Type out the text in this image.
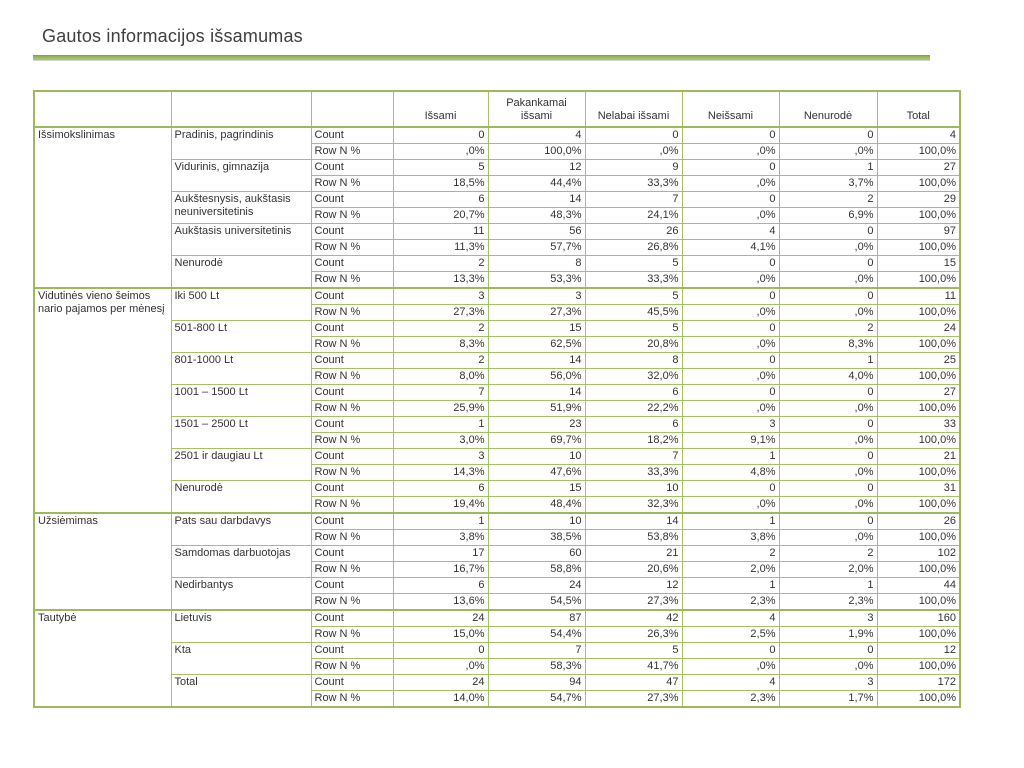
Gautos informacijos išsamumas
			Išsami	Pakankamai išsami	Nelabai išsami	Neišsami	Nenurodė	Total
Išsimokslinimas	Pradinis, pagrindinis	Count	0	4	0	0	0	4
		Row N %	,0%	100,0%	,0%	,0%	,0%	100,0%
	Vidurinis, gimnazija	Count	5	12	9	0	1	27
		Row N %	18,5%	44,4%	33,3%	,0%	3,7%	100,0%
	Aukštesnysis, aukštasis neuniversitetinis	Count	6	14	7	0	2	29
		Row N %	20,7%	48,3%	24,1%	,0%	6,9%	100,0%
	Aukštasis universitetinis	Count	11	56	26	4	0	97
		Row N %	11,3%	57,7%	26,8%	4,1%	,0%	100,0%
	Nenurodė	Count	2	8	5	0	0	15
		Row N %	13,3%	53,3%	33,3%	,0%	,0%	100,0%
Vidutinės vieno šeimos nario pajamos per mėnesį	Iki 500 Lt	Count	3	3	5	0	0	11
		Row N %	27,3%	27,3%	45,5%	,0%	,0%	100,0%
	501-800 Lt	Count	2	15	5	0	2	24
		Row N %	8,3%	62,5%	20,8%	,0%	8,3%	100,0%
	801-1000 Lt	Count	2	14	8	0	1	25
		Row N %	8,0%	56,0%	32,0%	,0%	4,0%	100,0%
	1001 – 1500 Lt	Count	7	14	6	0	0	27
		Row N %	25,9%	51,9%	22,2%	,0%	,0%	100,0%
	1501 – 2500 Lt	Count	1	23	6	3	0	33
		Row N %	3,0%	69,7%	18,2%	9,1%	,0%	100,0%
	2501 ir daugiau Lt	Count	3	10	7	1	0	21
		Row N %	14,3%	47,6%	33,3%	4,8%	,0%	100,0%
	Nenurodė	Count	6	15	10	0	0	31
		Row N %	19,4%	48,4%	32,3%	,0%	,0%	100,0%
Užsiėmimas	Pats sau darbdavys	Count	1	10	14	1	0	26
		Row N %	3,8%	38,5%	53,8%	3,8%	,0%	100,0%
	Samdomas darbuotojas	Count	17	60	21	2	2	102
		Row N %	16,7%	58,8%	20,6%	2,0%	2,0%	100,0%
	Nedirbantys	Count	6	24	12	1	1	44
		Row N %	13,6%	54,5%	27,3%	2,3%	2,3%	100,0%
Tautybė	Lietuvis	Count	24	87	42	4	3	160
		Row N %	15,0%	54,4%	26,3%	2,5%	1,9%	100,0%
	Kta	Count	0	7	5	0	0	12
		Row N %	,0%	58,3%	41,7%	,0%	,0%	100,0%
	Total	Count	24	94	47	4	3	172
		Row N %	14,0%	54,7%	27,3%	2,3%	1,7%	100,0%
